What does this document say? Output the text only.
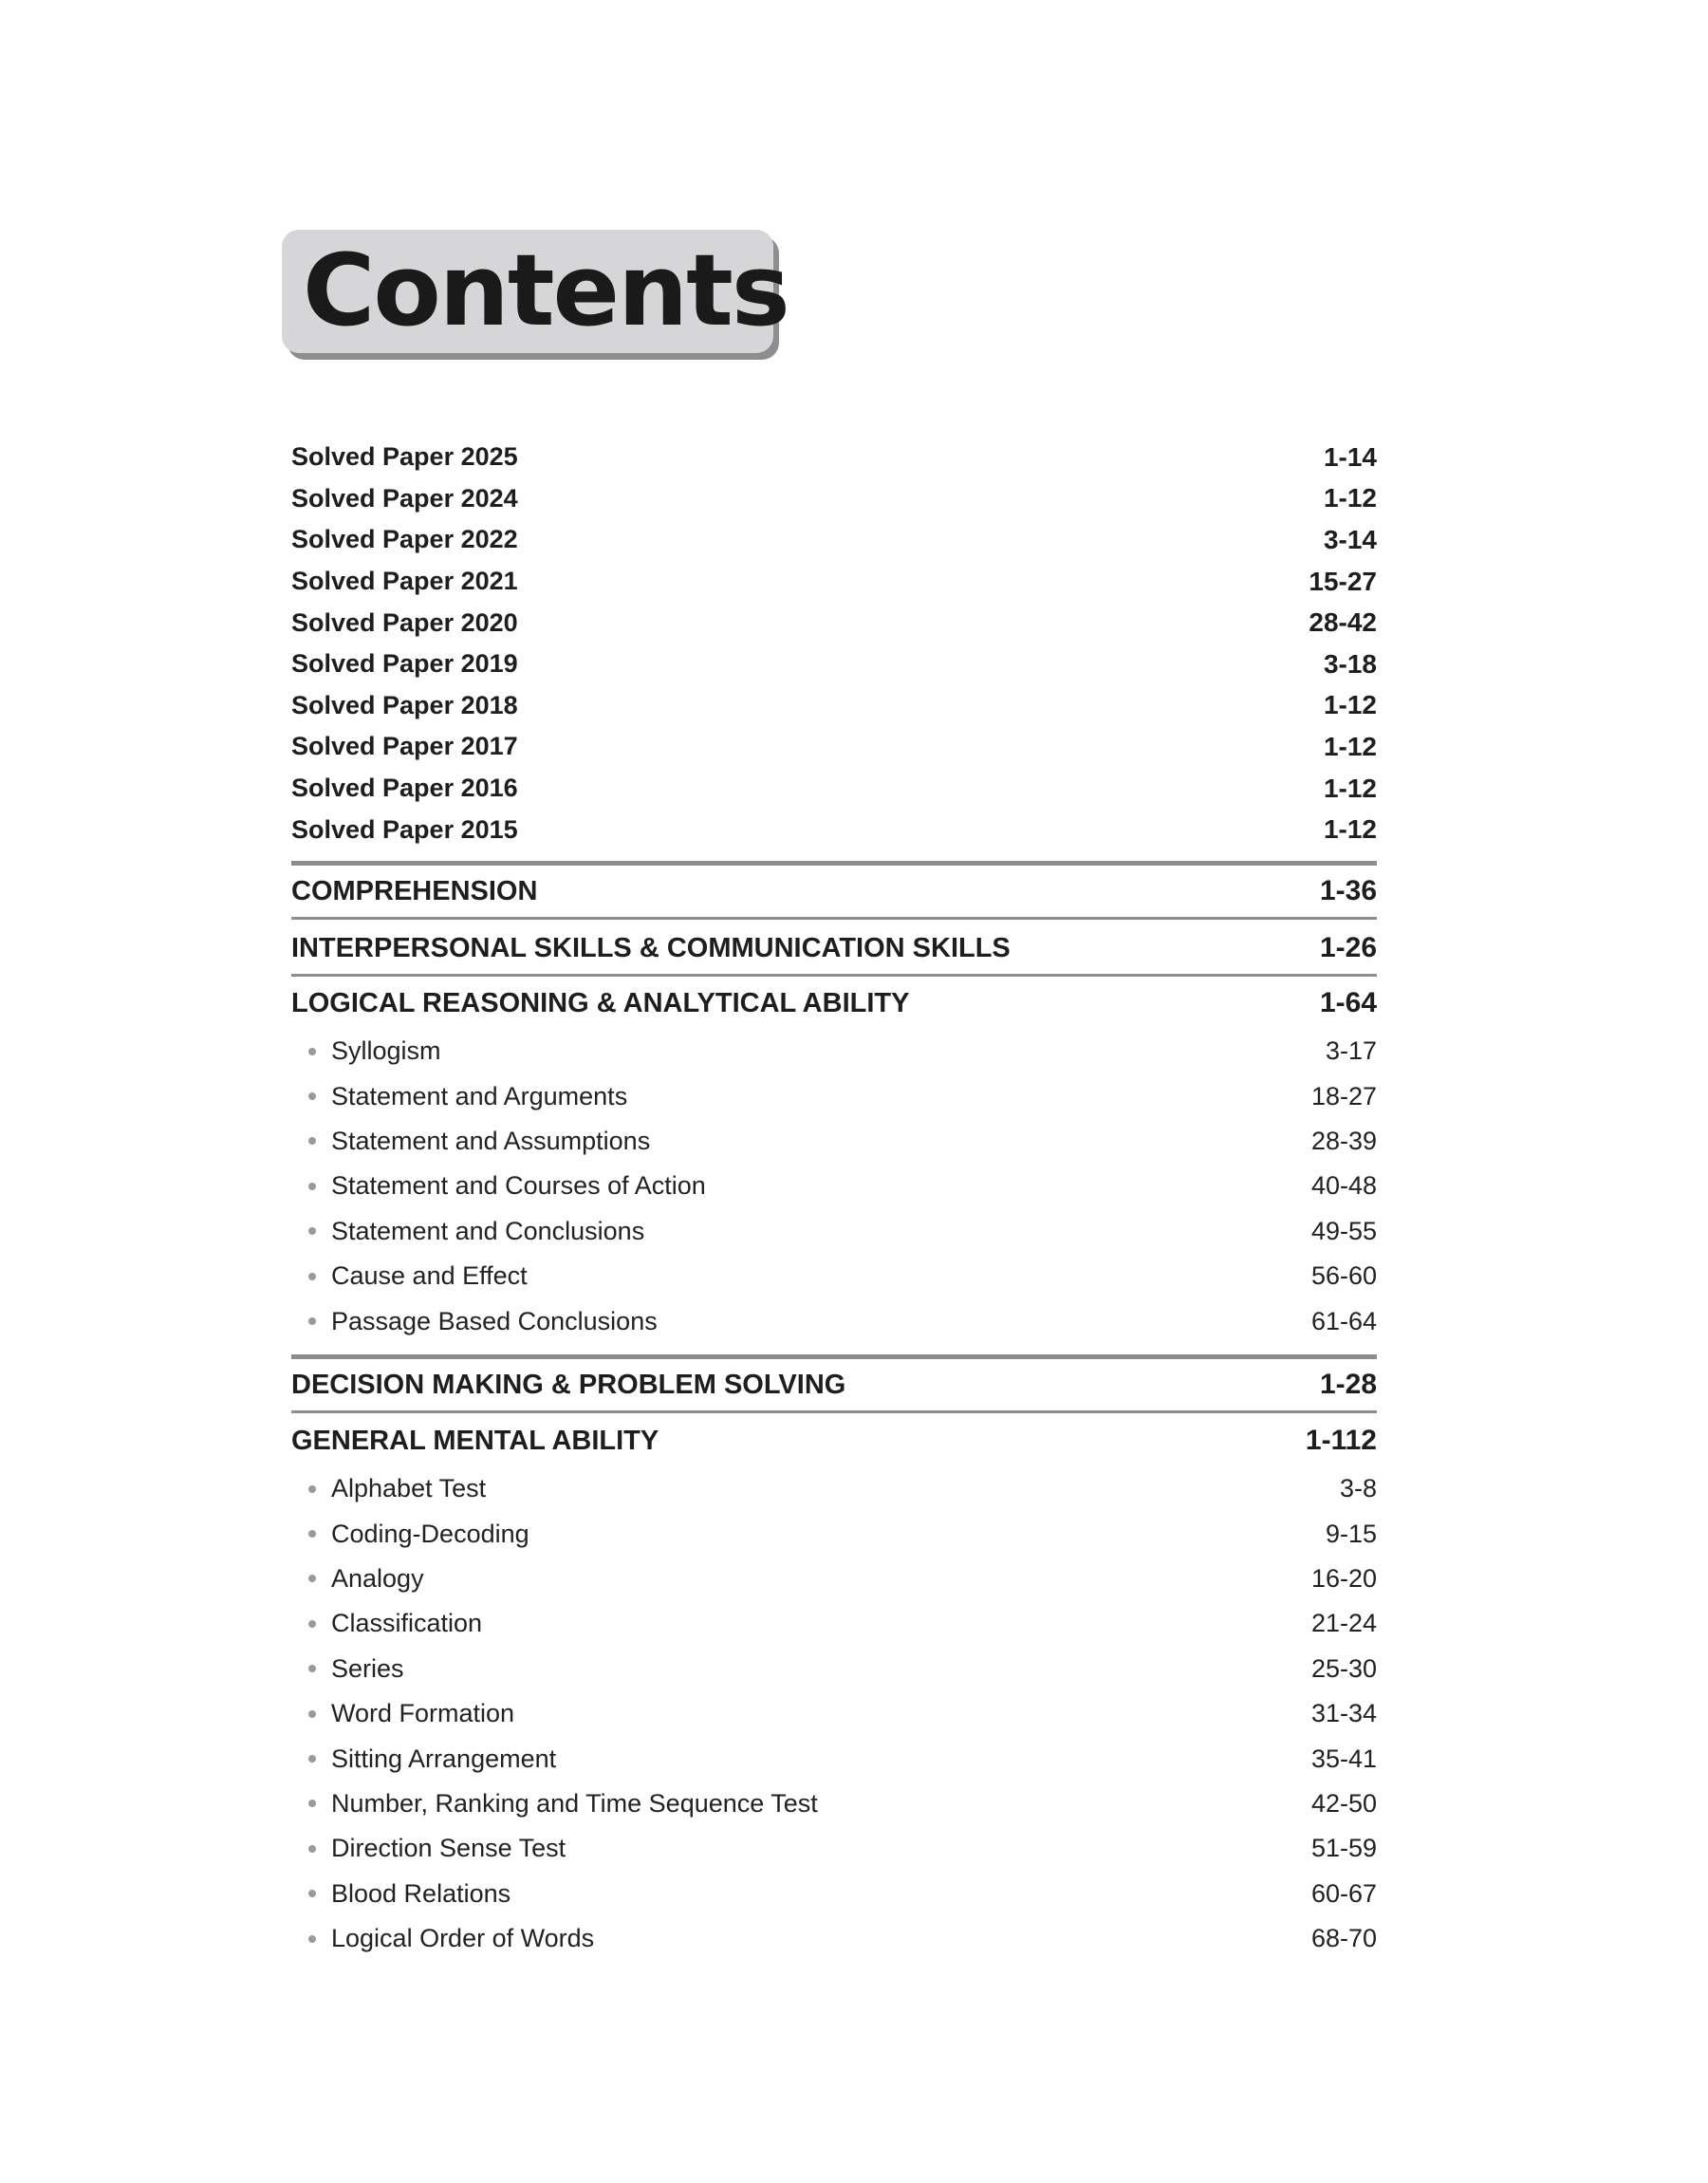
Contents
Solved Paper 2025	1-14
Solved Paper 2024	1-12
Solved Paper 2022	3-14
Solved Paper 2021	15-27
Solved Paper 2020	28-42
Solved Paper 2019	3-18
Solved Paper 2018	1-12
Solved Paper 2017	1-12
Solved Paper 2016	1-12
Solved Paper 2015	1-12
COMPREHENSION	1-36
INTERPERSONAL SKILLS & COMMUNICATION SKILLS	1-26
LOGICAL REASONING & ANALYTICAL ABILITY	1-64
Syllogism	3-17
Statement and Arguments	18-27
Statement and Assumptions	28-39
Statement and Courses of Action	40-48
Statement and Conclusions	49-55
Cause and Effect	56-60
Passage Based Conclusions	61-64
DECISION MAKING & PROBLEM SOLVING	1-28
GENERAL MENTAL ABILITY	1-112
Alphabet Test	3-8
Coding-Decoding	9-15
Analogy	16-20
Classification	21-24
Series	25-30
Word Formation	31-34
Sitting Arrangement	35-41
Number, Ranking and Time Sequence Test	42-50
Direction Sense Test	51-59
Blood Relations	60-67
Logical Order of Words	68-70
